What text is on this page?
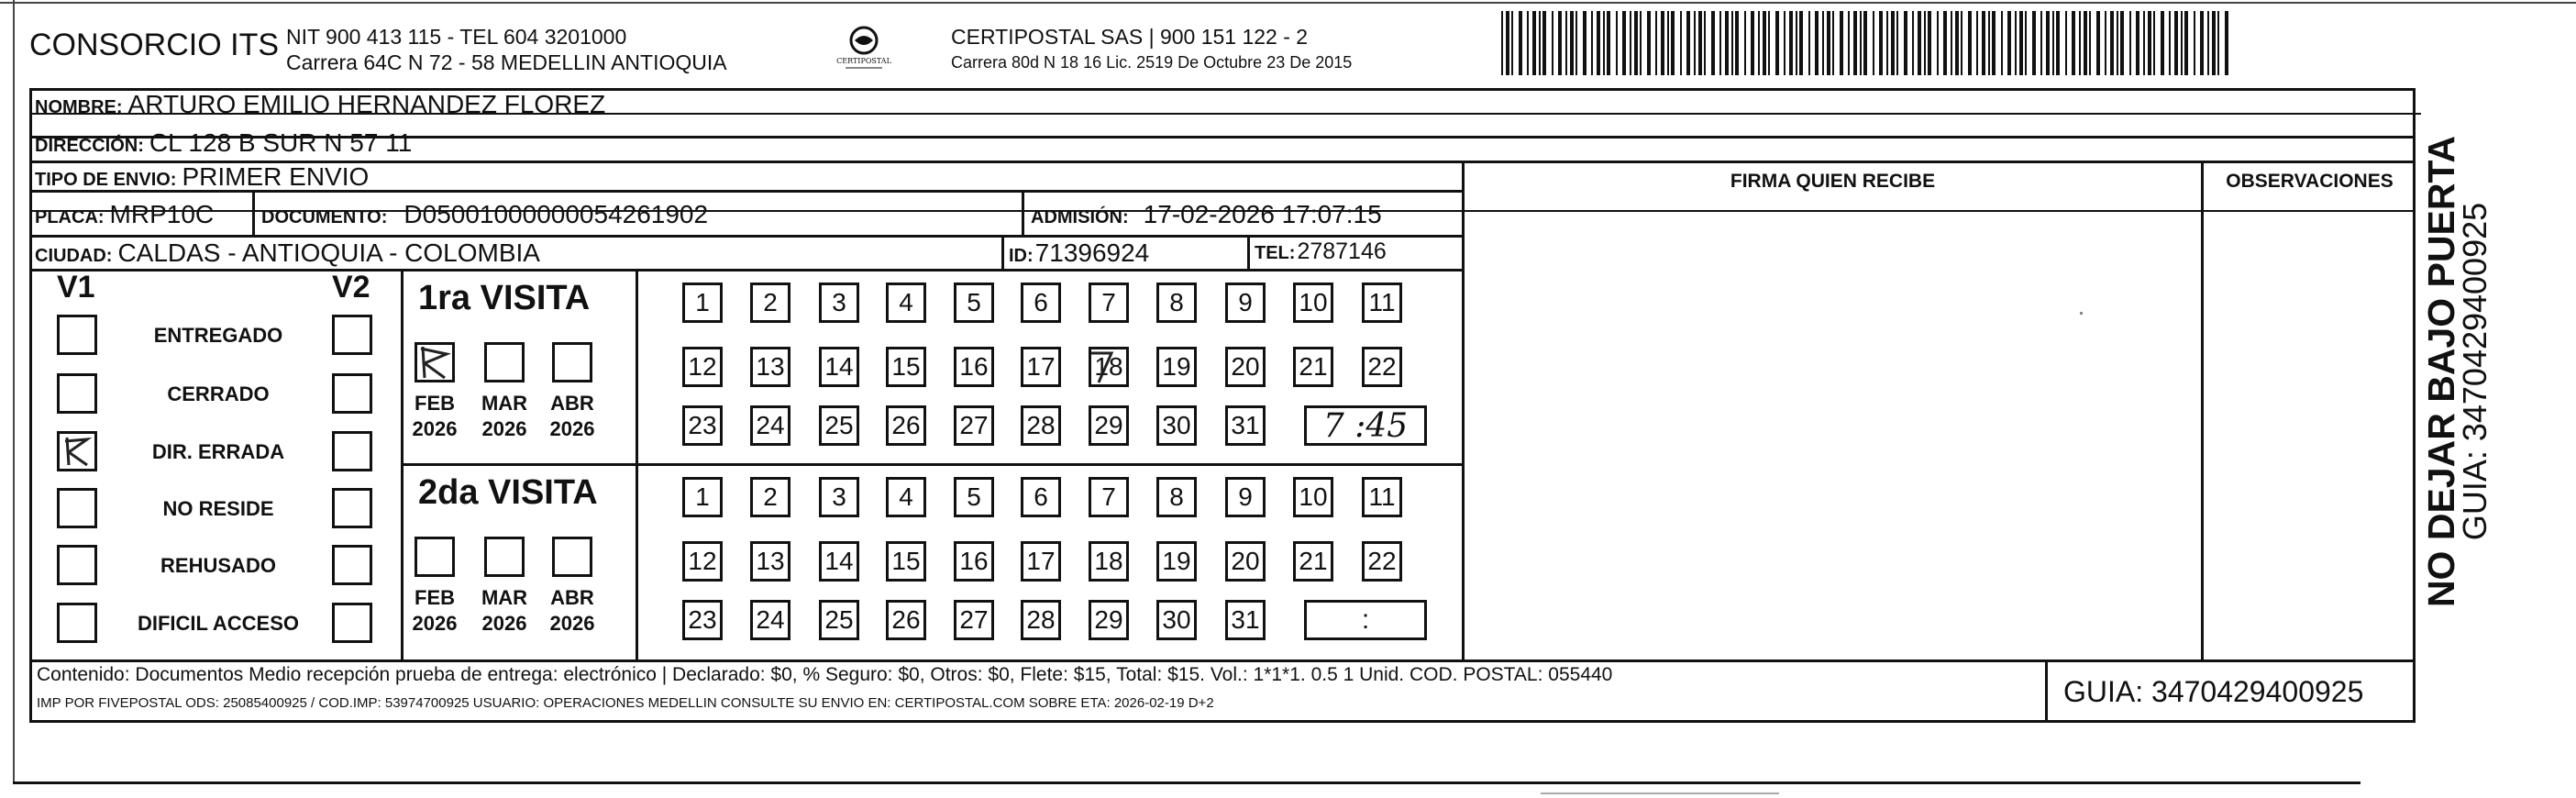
CONSORCIO ITS NIT 900 413 115 - TEL 604 3201000
Carrera 64C N 72 - 58 MEDELLIN ANTIOQUIA	CERTIPOSTAL
CERTIPOSTAL SAS | 900 151 122 - 2
Carrera 80d N 18 16 Lic. 2519 De Octubre 23 De 2015
NOMBRE: ARTURO EMILIO HERNANDEZ FLOREZ
DIRECCIÓN: CL 128 B SUR N 57 11
TIPO DE ENVIO: PRIMER ENVIO
PLACA: MRP10C	DOCUMENTO: D05001000000054261902	ADMISIÓN: 17-02-2026 17:07:15
CIUDAD: CALDAS - ANTIOQUIA - COLOMBIA	ID: 71396924	TEL: 2787146
FIRMA QUIEN RECIBE	OBSERVACIONES
V1	V2
ENTREGADO
CERRADO
DIR. ERRADA
NO RESIDE
REHUSADO
DIFICIL ACCESO
1ra VISITA
FEB
2026
MAR
2026
ABR
2026
1	2	3	4	5	6	7	8	9	10 11
12 13 14 15 16 17 18 19 20 21 22
23 24 25 26 27 28 29 30 31	7 :45
2da VISITA
FEB
2026
MAR
2026
ABR
2026
1	2	3	4	5	6	7	8	9	10 11
12 13 14 15 16 17 18 19 20 21 22
23 24 25 26 27 28 29 30 31	:
Contenido: Documentos Medio recepción prueba de entrega: electrónico | Declarado: $0, % Seguro: $0, Otros: $0, Flete: $15, Total: $15. Vol.: 1*1*1. 0.5 1 Unid. COD. POSTAL: 055440
IMP POR FIVEPOSTAL ODS: 25085400925 / COD.IMP: 53974700925 USUARIO: OPERACIONES MEDELLIN CONSULTE SU ENVIO EN: CERTIPOSTAL.COM SOBRE ETA: 2026-02-19 D+2	GUIA: 3470429400925
NO DEJAR BAJO PUERTA
GUIA: 3470429400925
